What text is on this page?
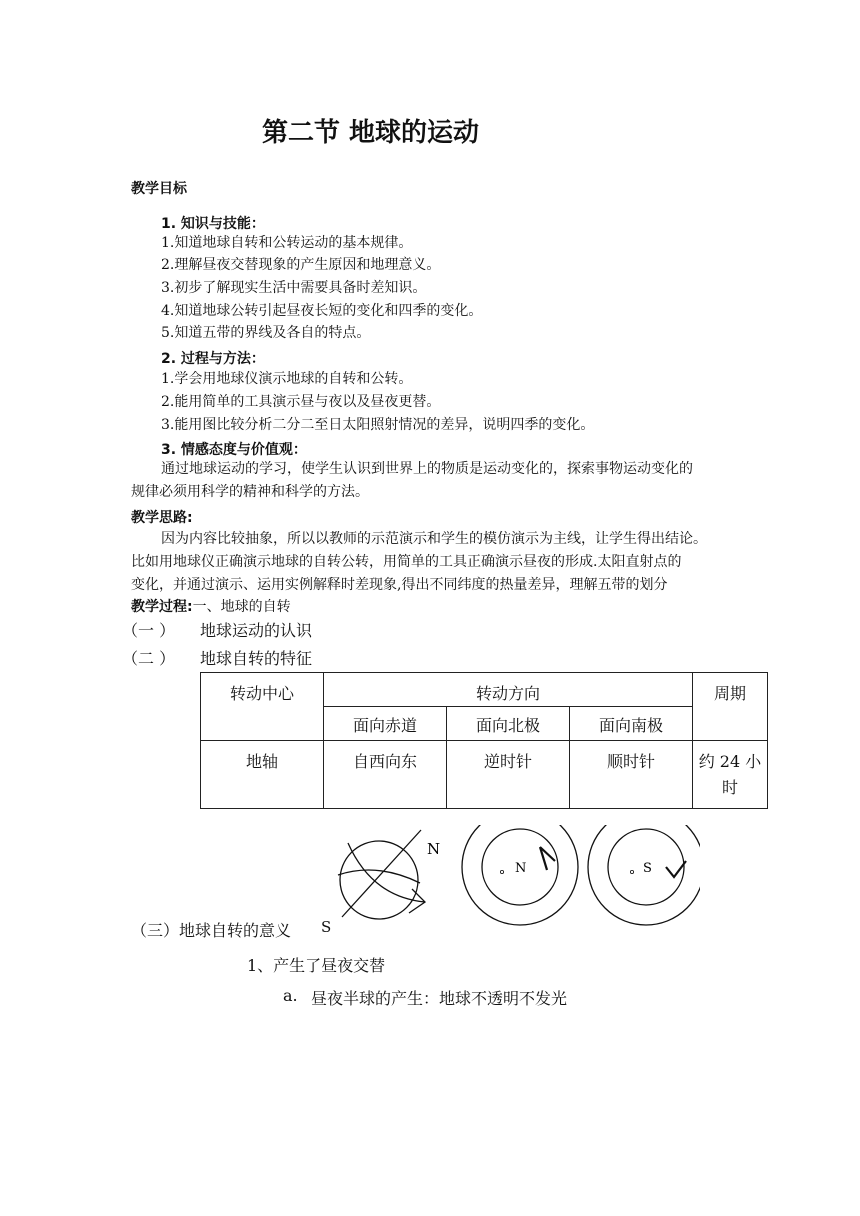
第二节 地球的运动
教学目标
1. 知识与技能：
1.知道地球自转和公转运动的基本规律。
2.理解昼夜交替现象的产生原因和地理意义。
3.初步了解现实生活中需要具备时差知识。
4.知道地球公转引起昼夜长短的变化和四季的变化。
5.知道五带的界线及各自的特点。
2. 过程与方法：
1.学会用地球仪演示地球的自转和公转。
2.能用简单的工具演示昼与夜以及昼夜更替。
3.能用图比较分析二分二至日太阳照射情况的差异，说明四季的变化。
3. 情感态度与价值观：
通过地球运动的学习，使学生认识到世界上的物质是运动变化的，探索事物运动变化的
规律必须用科学的精神和科学的方法。
教学思路:
因为内容比较抽象，所以以教师的示范演示和学生的模仿演示为主线，让学生得出结论。
比如用地球仪正确演示地球的自转公转，用简单的工具正确演示昼夜的形成.太阳直射点的
变化，并通过演示、运用实例解释时差现象,得出不同纬度的热量差异，理解五带的划分
教学过程:一、地球的自转
（一 ） 地球运动的认识
（二 ） 地球自转的特征
转动中心	转动方向			周期
	面向赤道	面向北极	面向南极	
地轴	自西向东	逆时针	顺时针	约 24 小
时
N
N	S
（三）地球自转的意义 S
1、产生了昼夜交替
a. 昼夜半球的产生：地球不透明不发光
